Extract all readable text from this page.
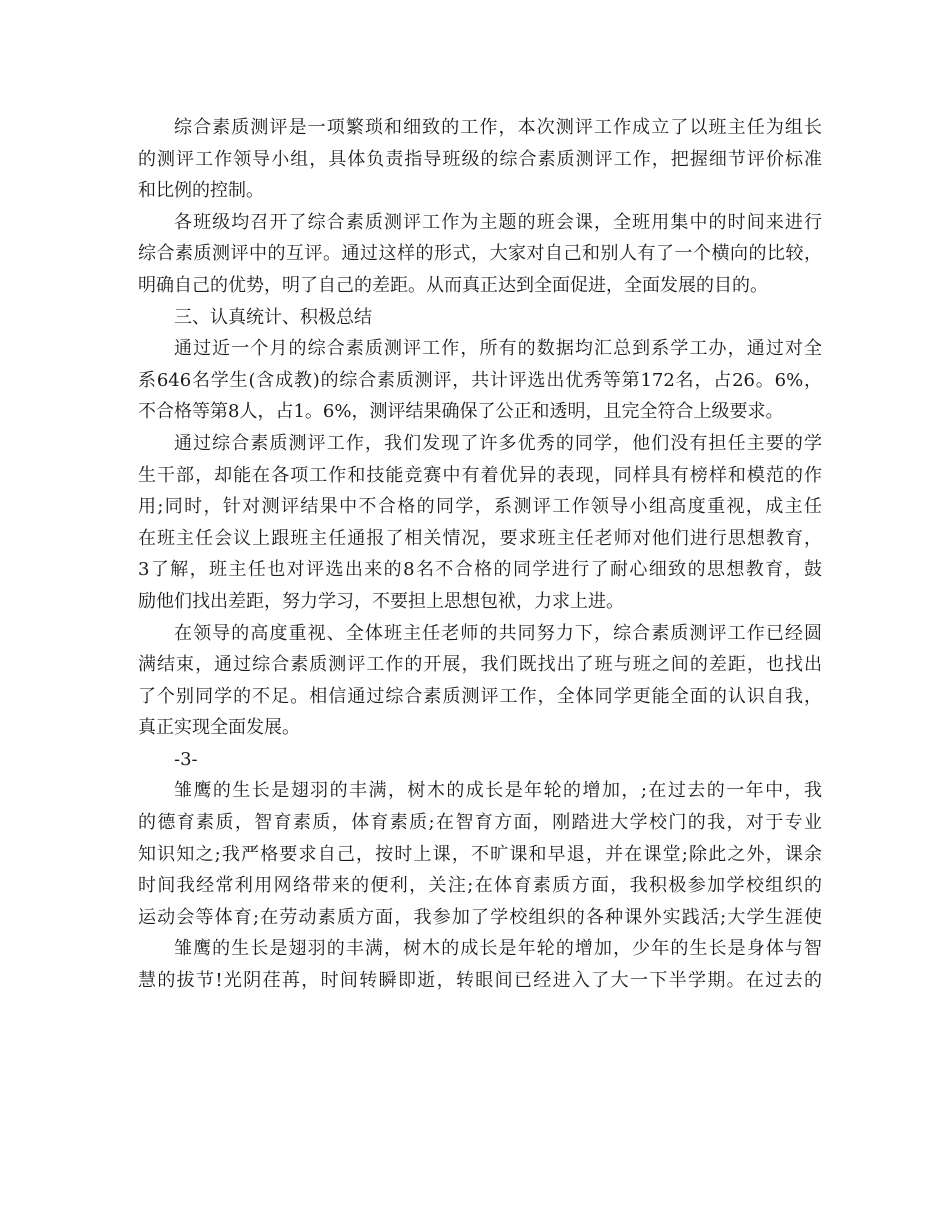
综合素质测评是一项繁琐和细致的工作，本次测评工作成立了以班主任为组长
的测评工作领导小组，具体负责指导班级的综合素质测评工作，把握细节评价标准
和比例的控制。
各班级均召开了综合素质测评工作为主题的班会课，全班用集中的时间来进行
综合素质测评中的互评。通过这样的形式，大家对自己和别人有了一个横向的比较，
明确自己的优势，明了自己的差距。从而真正达到全面促进，全面发展的目的。
三、认真统计、积极总结
通过近一个月的综合素质测评工作，所有的数据均汇总到系学工办，通过对全
系646名学生(含成教)的综合素质测评，共计评选出优秀等第172名，占26。6%，
不合格等第8人，占1。6%，测评结果确保了公正和透明，且完全符合上级要求。
通过综合素质测评工作，我们发现了许多优秀的同学，他们没有担任主要的学
生干部，却能在各项工作和技能竞赛中有着优异的表现，同样具有榜样和模范的作
用;同时，针对测评结果中不合格的同学，系测评工作领导小组高度重视，成主任
在班主任会议上跟班主任通报了相关情况，要求班主任老师对他们进行思想教育，
3了解，班主任也对评选出来的8名不合格的同学进行了耐心细致的思想教育，鼓
励他们找出差距，努力学习，不要担上思想包袱，力求上进。
在领导的高度重视、全体班主任老师的共同努力下，综合素质测评工作已经圆
满结束，通过综合素质测评工作的开展，我们既找出了班与班之间的差距，也找出
了个别同学的不足。相信通过综合素质测评工作，全体同学更能全面的认识自我，
真正实现全面发展。
-3-
雏鹰的生长是翅羽的丰满，树木的成长是年轮的增加，;在过去的一年中，我
的德育素质，智育素质，体育素质;在智育方面，刚踏进大学校门的我，对于专业
知识知之;我严格要求自己，按时上课，不旷课和早退，并在课堂;除此之外，课余
时间我经常利用网络带来的便利，关注;在体育素质方面，我积极参加学校组织的
运动会等体育;在劳动素质方面，我参加了学校组织的各种课外实践活;大学生涯使
雏鹰的生长是翅羽的丰满，树木的成长是年轮的增加，少年的生长是身体与智
慧的拔节!光阴荏苒，时间转瞬即逝，转眼间已经进入了大一下半学期。在过去的
